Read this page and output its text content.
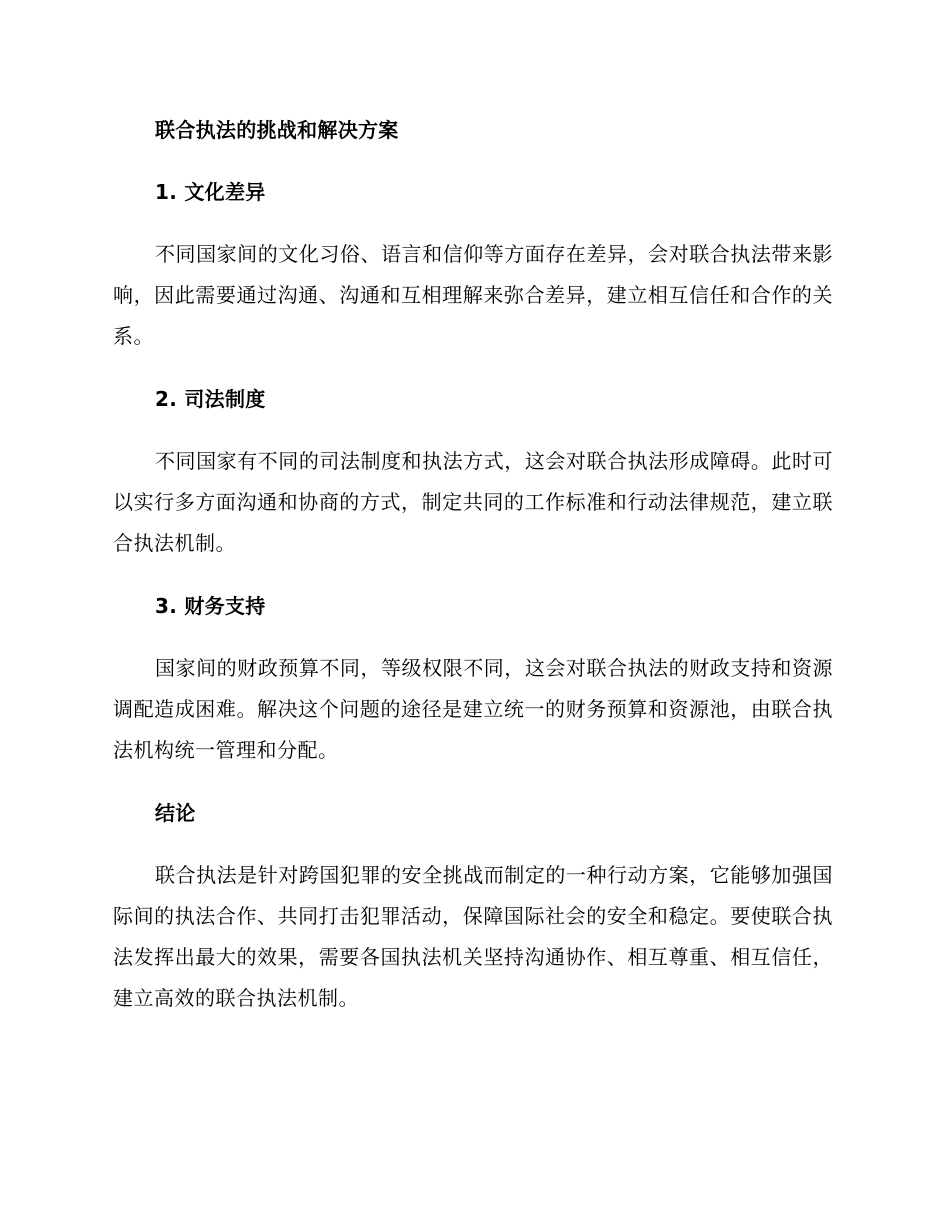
联合执法的挑战和解决方案
1. 文化差异
不同国家间的文化习俗、语言和信仰等方面存在差异，会对联合执法带来影响，因此需要通过沟通、沟通和互相理解来弥合差异，建立相互信任和合作的关系。
2. 司法制度
不同国家有不同的司法制度和执法方式，这会对联合执法形成障碍。此时可以实行多方面沟通和协商的方式，制定共同的工作标准和行动法律规范，建立联合执法机制。
3. 财务支持
国家间的财政预算不同，等级权限不同，这会对联合执法的财政支持和资源调配造成困难。解决这个问题的途径是建立统一的财务预算和资源池，由联合执法机构统一管理和分配。
结论
联合执法是针对跨国犯罪的安全挑战而制定的一种行动方案，它能够加强国际间的执法合作、共同打击犯罪活动，保障国际社会的安全和稳定。要使联合执法发挥出最大的效果，需要各国执法机关坚持沟通协作、相互尊重、相互信任，建立高效的联合执法机制。
